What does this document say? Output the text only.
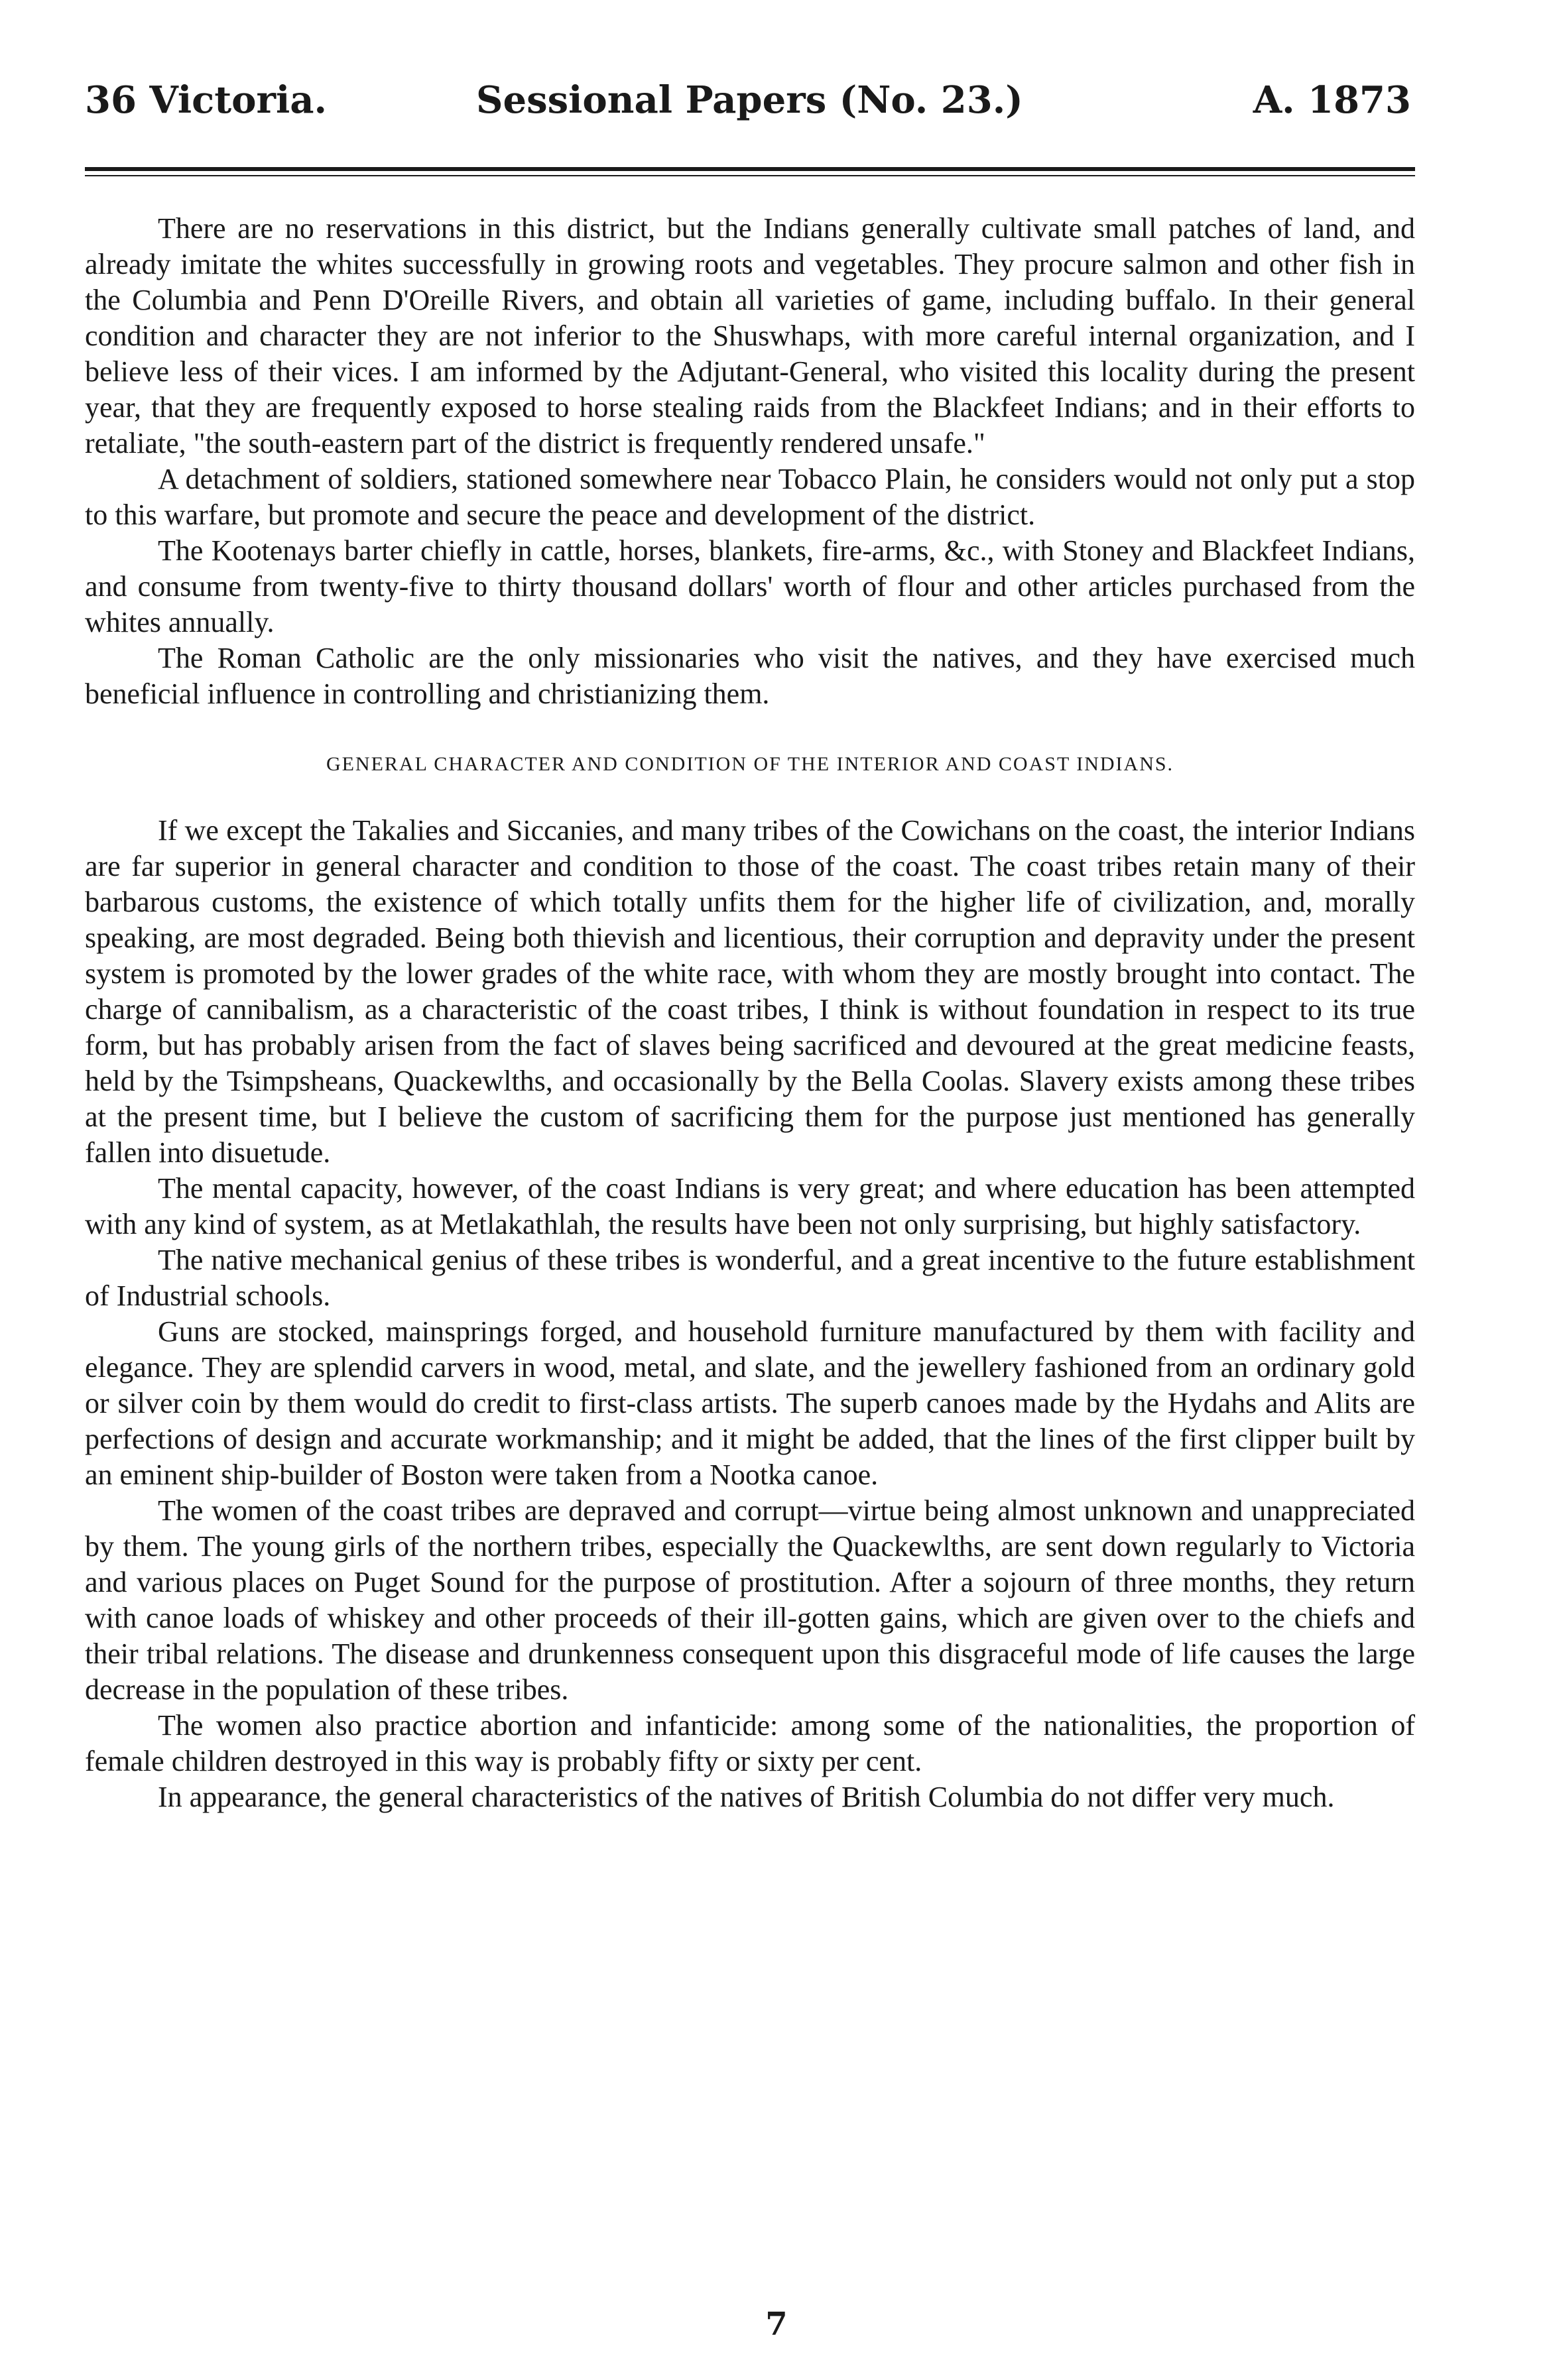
36 Victoria.	Sessional Papers (No. 23.)	A. 1873

There are no reservations in this district, but the Indians generally cultivate small patches of land, and already imitate the whites successfully in growing roots and vegetables. They procure salmon and other fish in the Columbia and Penn D'Oreille Rivers, and obtain all varieties of game, including buffalo. In their general condition and character they are not inferior to the Shuswhaps, with more careful internal organization, and I believe less of their vices. I am informed by the Adjutant-General, who visited this locality during the present year, that they are frequently exposed to horse stealing raids from the Blackfeet Indians; and in their efforts to retaliate, "the south-eastern part of the district is frequently rendered unsafe."

A detachment of soldiers, stationed somewhere near Tobacco Plain, he considers would not only put a stop to this warfare, but promote and secure the peace and development of the district.

The Kootenays barter chiefly in cattle, horses, blankets, fire-arms, &c., with Stoney and Blackfeet Indians, and consume from twenty-five to thirty thousand dollars' worth of flour and other articles purchased from the whites annually.

The Roman Catholic are the only missionaries who visit the natives, and they have exercised much beneficial influence in controlling and christianizing them.

GENERAL CHARACTER AND CONDITION OF THE INTERIOR AND COAST INDIANS.

If we except the Takalies and Siccanies, and many tribes of the Cowichans on the coast, the interior Indians are far superior in general character and condition to those of the coast. The coast tribes retain many of their barbarous customs, the existence of which totally unfits them for the higher life of civilization, and, morally speaking, are most degraded. Being both thievish and licentious, their corruption and depravity under the present system is promoted by the lower grades of the white race, with whom they are mostly brought into contact. The charge of cannibalism, as a characteristic of the coast tribes, I think is without foundation in respect to its true form, but has probably arisen from the fact of slaves being sacrificed and devoured at the great medicine feasts, held by the Tsimpsheans, Quackewlths, and occasionally by the Bella Coolas. Slavery exists among these tribes at the present time, but I believe the custom of sacrificing them for the purpose just mentioned has generally fallen into disuetude.

The mental capacity, however, of the coast Indians is very great; and where education has been attempted with any kind of system, as at Metlakathlah, the results have been not only surprising, but highly satisfactory.

The native mechanical genius of these tribes is wonderful, and a great incentive to the future establishment of Industrial schools.

Guns are stocked, mainsprings forged, and household furniture manufactured by them with facility and elegance. They are splendid carvers in wood, metal, and slate, and the jewellery fashioned from an ordinary gold or silver coin by them would do credit to first-class artists. The superb canoes made by the Hydahs and Alits are perfections of design and accurate workmanship; and it might be added, that the lines of the first clipper built by an eminent ship-builder of Boston were taken from a Nootka canoe.

The women of the coast tribes are depraved and corrupt—virtue being almost unknown and unappreciated by them. The young girls of the northern tribes, especially the Quackewlths, are sent down regularly to Victoria and various places on Puget Sound for the purpose of prostitution. After a sojourn of three months, they return with canoe loads of whiskey and other proceeds of their ill-gotten gains, which are given over to the chiefs and their tribal relations. The disease and drunkenness consequent upon this disgraceful mode of life causes the large decrease in the population of these tribes.

The women also practice abortion and infanticide: among some of the nationalities, the proportion of female children destroyed in this way is probably fifty or sixty per cent.

In appearance, the general characteristics of the natives of British Columbia do not differ very much.

7
